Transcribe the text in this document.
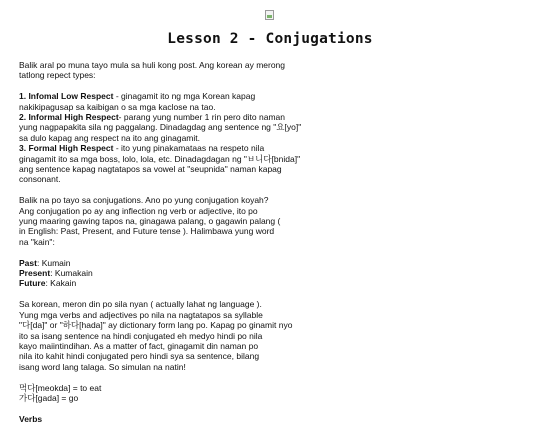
Lesson 2 - Conjugations

Balik aral po muna tayo mula sa huli kong post. Ang korean ay merong
tatlong repect types:

1. Infomal Low Respect - ginagamit ito ng mga Korean kapag
nakikipagusap sa kaibigan o sa mga kaclose na tao.
2. Informal High Respect- parang yung number 1 rin pero dito naman
yung nagpapakita sila ng paggalang. Dinadagdag ang sentence ng "요[yo]"
sa dulo kapag ang respect na ito ang ginagamit.
3. Formal High Respect - ito yung pinakamataas na respeto nila
ginagamit ito sa mga boss, lolo, lola, etc. Dinadagdagan ng "ㅂ니다[bnida]"
ang sentence kapag nagtatapos sa vowel at "seupnida" naman kapag
consonant.

Balik na po tayo sa conjugations. Ano po yung conjugation koyah?
Ang conjugation po ay ang inflection ng verb or adjective, ito po
yung maaring gawing tapos na, ginagawa palang, o gagawin palang (
in English: Past, Present, and Future tense ). Halimbawa yung word
na "kain":

Past: Kumain
Present: Kumakain
Future: Kakain

Sa korean, meron din po sila nyan ( actually lahat ng language ).
Yung mga verbs and adjectives po nila na nagtatapos sa syllable
"다[da]" or "하다[hada]" ay dictionary form lang po. Kapag po ginamit nyo
ito sa isang sentence na hindi conjugated eh medyo hindi po nila
kayo maiintindihan. As a matter of fact, ginagamit din naman po
nila ito kahit hindi conjugated pero hindi sya sa sentence, bilang
isang word lang talaga. So simulan na natin!

먹다[meokda] = to eat
가다[gada] = go

Verbs
